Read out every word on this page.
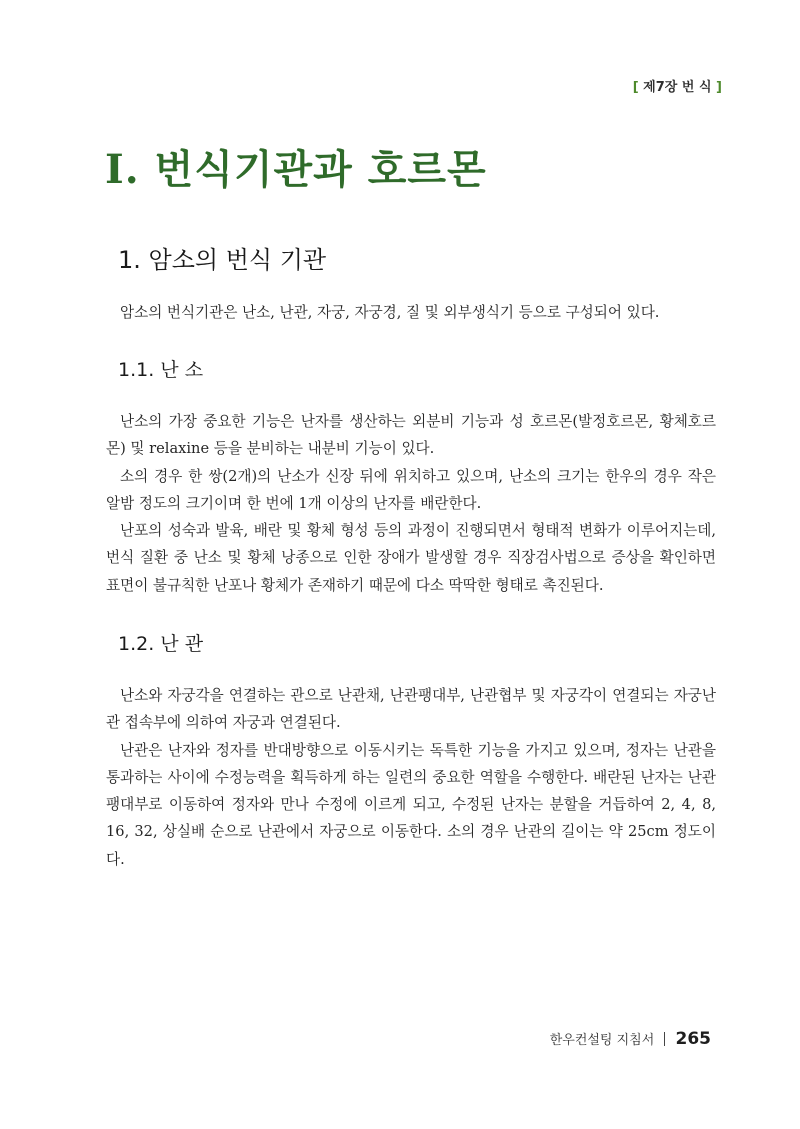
[ 제7장 번 식 ]
I. 번식기관과 호르몬
1. 암소의 번식 기관

암소의 번식기관은 난소, 난관, 자궁, 자궁경, 질 및 외부생식기 등으로 구성되어 있다.

1.1. 난 소

난소의 가장 중요한 기능은 난자를 생산하는 외분비 기능과 성 호르몬(발정호르몬, 황체호르몬) 및 relaxine 등을 분비하는 내분비 기능이 있다.

소의 경우 한 쌍(2개)의 난소가 신장 뒤에 위치하고 있으며, 난소의 크기는 한우의 경우 작은 알밤 정도의 크기이며 한 번에 1개 이상의 난자를 배란한다.

난포의 성숙과 발육, 배란 및 황체 형성 등의 과정이 진행되면서 형태적 변화가 이루어지는데, 번식 질환 중 난소 및 황체 낭종으로 인한 장애가 발생할 경우 직장검사법으로 증상을 확인하면 표면이 불규칙한 난포나 황체가 존재하기 때문에 다소 딱딱한 형태로 촉진된다.

1.2. 난 관

난소와 자궁각을 연결하는 관으로 난관채, 난관팽대부, 난관협부 및 자궁각이 연결되는 자궁난관 접속부에 의하여 자궁과 연결된다.

난관은 난자와 정자를 반대방향으로 이동시키는 독특한 기능을 가지고 있으며, 정자는 난관을 통과하는 사이에 수정능력을 획득하게 하는 일련의 중요한 역할을 수행한다. 배란된 난자는 난관팽대부로 이동하여 정자와 만나 수정에 이르게 되고, 수정된 난자는 분할을 거듭하여 2, 4, 8, 16, 32, 상실배 순으로 난관에서 자궁으로 이동한다. 소의 경우 난관의 길이는 약 25cm 정도이다.

한우컨설팅 지침서 265
